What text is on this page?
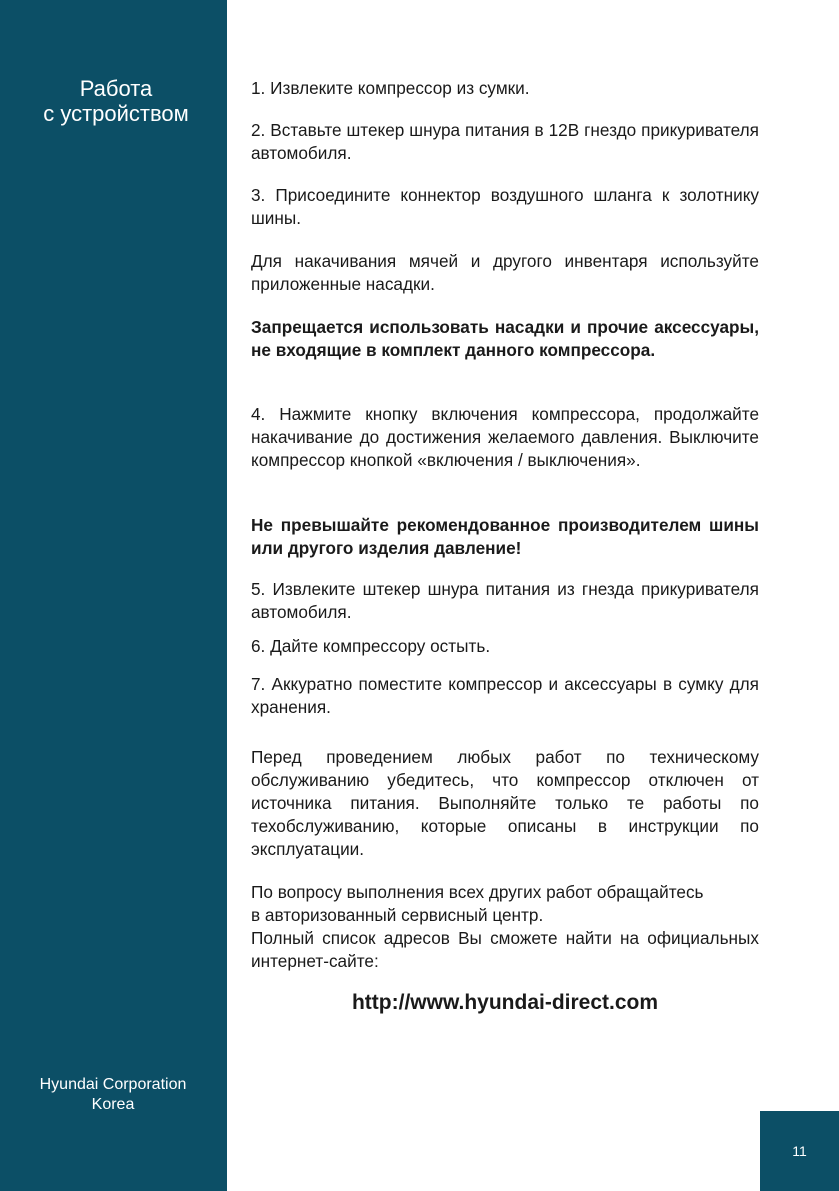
Работа
с устройством
Hyundai Corporation
Korea
11

1. Извлеките компрессор из сумки.

2. Вставьте штекер шнура питания в 12В гнездо прикуривателя автомобиля.

3. Присоедините коннектор воздушного шланга к золотнику шины.

Для накачивания мячей и другого инвентаря используйте приложенные насадки.

Запрещается использовать насадки и прочие аксессуары, не входящие в комплект данного компрессора.

4. Нажмите кнопку включения компрессора, продолжайте накачивание до достижения желаемого давления. Выключите компрессор кнопкой «включения / выключения».

Не превышайте рекомендованное производителем шины или другого изделия давление!

5. Извлеките штекер шнура питания из гнезда прикуривателя автомобиля.

6. Дайте компрессору остыть.

7. Аккуратно поместите компрессор и аксессуары в сумку для хранения.

Перед проведением любых работ по техническому обслуживанию убедитесь, что компрессор отключен от источника питания. Выполняйте только те работы по техобслуживанию, которые описаны в инструкции по эксплуатации.

По вопросу выполнения всех других работ обращайтесь

в авторизованный сервисный центр.

Полный список адресов Вы сможете найти на официальных интернет-сайте:

http://www.hyundai-direct.com
